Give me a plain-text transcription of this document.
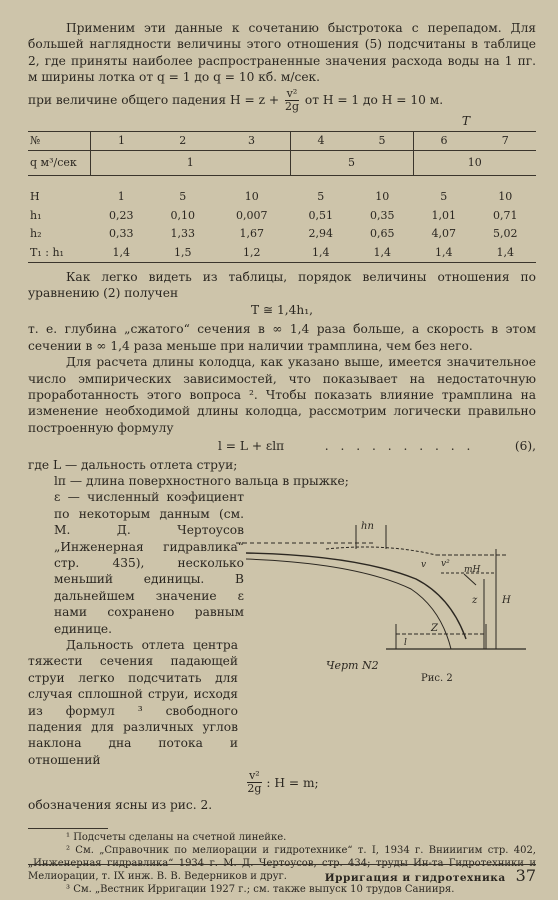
Применим эти данные к сочетанию быстротока с перепадом. Для большей наглядности величины этого отношения (5) подсчитаны в таблице 2, где приняты наиболее распространенные значения расхода воды на 1 пг. м ширины лотка от q = 1 до q = 10 кб. м/сек.

при величине общего падения $H = z + \frac{\text{v²}}{2g}$ от H = 1 до H = 10 м.
T
№	1	2	3	4	5	6	7
q м³/сек	1			5		10	

H	1	5	10	5	10	5	10
h₁	0,23	0,10	0,007	0,51	0,35	1,01	0,71
h₂	0,33	1,33	1,67	2,94	0,65	4,07	5,02
T₁ : h₁	1,4	1,5	1,2	1,4	1,4	1,4	1,4

Как легко видеть из таблицы, порядок величины отношения по уравнению (2) получен

T ≅ 1,4h₁,

т. е. глубина „сжатого“ сечения в ∞ 1,4 раза больше, а скорость в этом сечении в ∞ 1,4 раза меньше при наличии трамплина, чем без него.

Для расчета длины колодца, как указано выше, имеется значительное число эмпирических зависимостей, что показывает на недостаточную проработанность этого вопроса ². Чтобы показать влияние трамплина на изменение необходимой длины колодца, рассмотрим логически правильно построенную формулу

l = L + εlп	. . . . . . . . . .	(6),

где L — дальность отлета струи;

lп — длина поверхностного вальца в прыжке;

hп
v v²
mH
z H
Z
l
Черт N2
Рис. 2

ε — численный коэфициент по некоторым данным (см. М. Д. Чертоусов „Инженерная гидравлика“ стр. 435), несколько меньший единицы. В дальнейшем значение ε нами сохранено равным единице.

Дальность отлета центра тяжести сечения падающей струи легко подсчитать для случая сплошной струи, исходя из формул ³ свободного падения для различных углов наклона дна потока и отношений

$\frac{\text{v²}}{2g}$ : H = m;

обозначения ясны из рис. 2.

¹ Подсчеты сделаны на счетной линейке.

² См. „Справочник по мелиорации и гидротехнике“ т. I, 1934 г. Внииигим стр. 402, „Инженерная гидравлика“ 1934 г. М. Д. Чертоусов, стр. 434; труды Ин-та Гидротехники и Мелиорации, т. IX инж. В. В. Ведерников и друг.

³ См. „Вестник Ирригации 1927 г.; см. также выпуск 10 трудов Санииря.

Ирригация и гидротехника 37
